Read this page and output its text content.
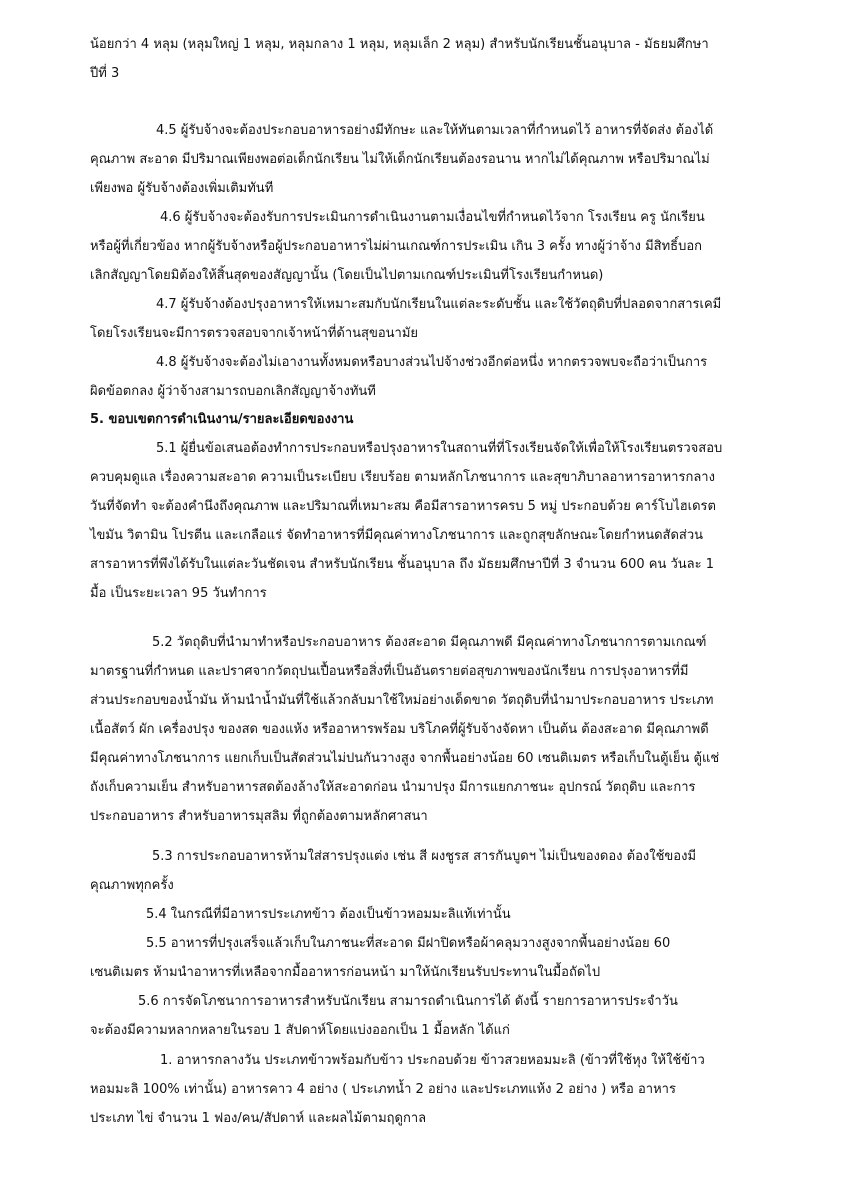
น้อยกว่า 4 หลุม (หลุมใหญ่ 1 หลุม, หลุมกลาง 1 หลุม, หลุมเล็ก 2 หลุม) สำหรับนักเรียนชั้นอนุบาล - มัธยมศึกษา
ปีที่ 3
4.5 ผู้รับจ้างจะต้องประกอบอาหารอย่างมีทักษะ และให้ทันตามเวลาที่กำหนดไว้ อาหารที่จัดส่ง ต้องได้
คุณภาพ สะอาด มีปริมาณเพียงพอต่อเด็กนักเรียน ไม่ให้เด็กนักเรียนต้องรอนาน หากไม่ได้คุณภาพ หรือปริมาณไม่
เพียงพอ ผู้รับจ้างต้องเพิ่มเติมทันที
4.6 ผู้รับจ้างจะต้องรับการประเมินการดำเนินงานตามเงื่อนไขที่กำหนดไว้จาก โรงเรียน ครู นักเรียน
หรือผู้ที่เกี่ยวข้อง หากผู้รับจ้างหรือผู้ประกอบอาหารไม่ผ่านเกณฑ์การประเมิน เกิน 3 ครั้ง ทางผู้ว่าจ้าง มีสิทธิ์บอก
เลิกสัญญาโดยมิต้องให้สิ้นสุดของสัญญานั้น (โดยเป็นไปตามเกณฑ์ประเมินที่โรงเรียนกำหนด)
4.7 ผู้รับจ้างต้องปรุงอาหารให้เหมาะสมกับนักเรียนในแต่ละระดับชั้น และใช้วัตถุดิบที่ปลอดจากสารเคมี
โดยโรงเรียนจะมีการตรวจสอบจากเจ้าหน้าที่ด้านสุขอนามัย
4.8 ผู้รับจ้างจะต้องไม่เอางานทั้งหมดหรือบางส่วนไปจ้างช่วงอีกต่อหนึ่ง หากตรวจพบจะถือว่าเป็นการ
ผิดข้อตกลง ผู้ว่าจ้างสามารถบอกเลิกสัญญาจ้างทันที
5. ขอบเขตการดำเนินงาน/รายละเอียดของงาน
5.1 ผู้ยื่นข้อเสนอต้องทำการประกอบหรือปรุงอาหารในสถานที่ที่โรงเรียนจัดให้เพื่อให้โรงเรียนตรวจสอบ
ควบคุมดูแล เรื่องความสะอาด ความเป็นระเบียบ เรียบร้อย ตามหลักโภชนาการ และสุขาภิบาลอาหารอาหารกลาง
วันที่จัดทำ จะต้องคำนึงถึงคุณภาพ และปริมาณที่เหมาะสม คือมีสารอาหารครบ 5 หมู่ ประกอบด้วย คาร์โบไฮเดรต
ไขมัน วิตามิน โปรตีน และเกลือแร่ จัดทำอาหารที่มีคุณค่าทางโภชนาการ และถูกสุขลักษณะโดยกำหนดสัดส่วน
สารอาหารที่พึงได้รับในแต่ละวันชัดเจน สำหรับนักเรียน ชั้นอนุบาล ถึง มัธยมศึกษาปีที่ 3 จำนวน 600 คน วันละ 1
มื้อ เป็นระยะเวลา 95 วันทำการ
5.2 วัตถุดิบที่นำมาทำหรือประกอบอาหาร ต้องสะอาด มีคุณภาพดี มีคุณค่าทางโภชนาการตามเกณฑ์
มาตรฐานที่กำหนด และปราศจากวัตถุปนเปื้อนหรือสิ่งที่เป็นอันตรายต่อสุขภาพของนักเรียน การปรุงอาหารที่มี
ส่วนประกอบของน้ำมัน ห้ามนำน้ำมันที่ใช้แล้วกลับมาใช้ใหม่อย่างเด็ดขาด วัตถุดิบที่นำมาประกอบอาหาร ประเภท
เนื้อสัตว์ ผัก เครื่องปรุง ของสด ของแห้ง หรืออาหารพร้อม บริโภคที่ผู้รับจ้างจัดหา เป็นต้น ต้องสะอาด มีคุณภาพดี
มีคุณค่าทางโภชนาการ แยกเก็บเป็นสัดส่วนไม่ปนกันวางสูง จากพื้นอย่างน้อย 60 เซนติเมตร หรือเก็บในตู้เย็น ตู้แช่
ถังเก็บความเย็น สำหรับอาหารสดต้องล้างให้สะอาดก่อน นำมาปรุง มีการแยกภาชนะ อุปกรณ์ วัตถุดิบ และการ
ประกอบอาหาร สำหรับอาหารมุสลิม ที่ถูกต้องตามหลักศาสนา
5.3 การประกอบอาหารห้ามใส่สารปรุงแต่ง เช่น สี ผงชูรส สารกันบูดฯ ไม่เป็นของดอง ต้องใช้ของมี
คุณภาพทุกครั้ง
5.4 ในกรณีที่มีอาหารประเภทข้าว ต้องเป็นข้าวหอมมะลิแท้เท่านั้น
5.5 อาหารที่ปรุงเสร็จแล้วเก็บในภาชนะที่สะอาด มีฝาปิดหรือผ้าคลุมวางสูงจากพื้นอย่างน้อย 60
เซนติเมตร ห้ามนำอาหารที่เหลือจากมื้ออาหารก่อนหน้า มาให้นักเรียนรับประทานในมื้อถัดไป
5.6 การจัดโภชนาการอาหารสำหรับนักเรียน สามารถดำเนินการได้ ดังนี้ รายการอาหารประจำวัน
จะต้องมีความหลากหลายในรอบ 1 สัปดาห์โดยแบ่งออกเป็น 1 มื้อหลัก ได้แก่
1. อาหารกลางวัน ประเภทข้าวพร้อมกับข้าว ประกอบด้วย ข้าวสวยหอมมะลิ (ข้าวที่ใช้หุง ให้ใช้ข้าว
หอมมะลิ 100% เท่านั้น) อาหารคาว 4 อย่าง ( ประเภทน้ำ 2 อย่าง และประเภทแห้ง 2 อย่าง ) หรือ อาหาร
ประเภท ไข่ จำนวน 1 ฟอง/คน/สัปดาห์ และผลไม้ตามฤดูกาล
